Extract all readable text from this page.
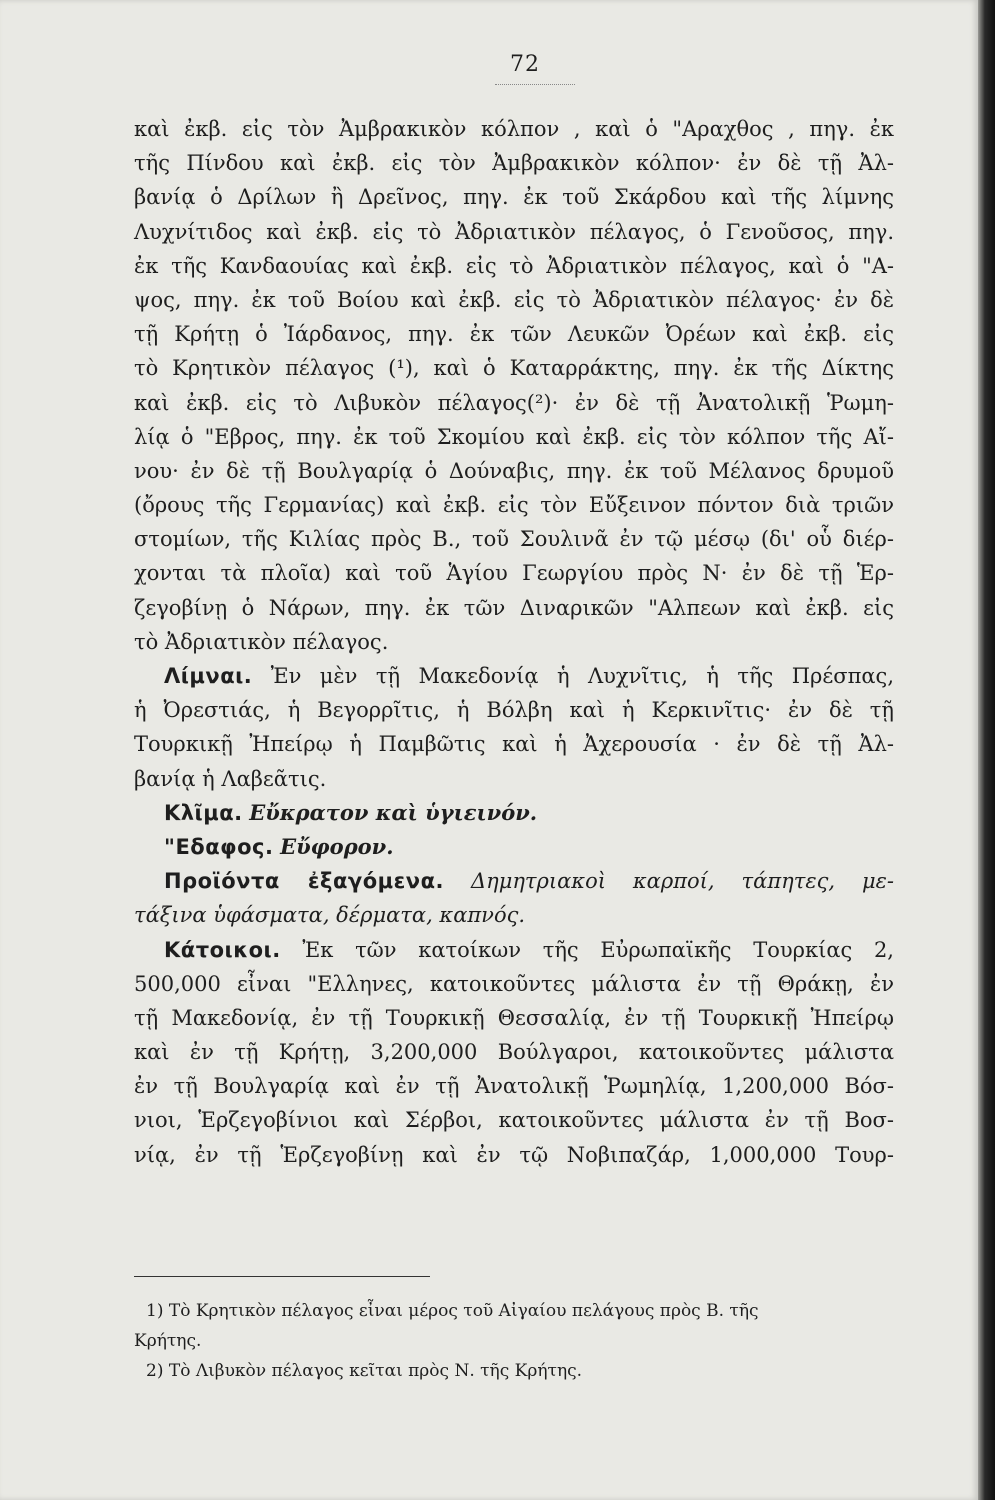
72
καὶ ἐκβ. εἰς τὸν Ἀμβρακικὸν κόλπον , καὶ ὁ "Αραχθος , πηγ. ἐκ
τῆς Πίνδου καὶ ἐκβ. εἰς τὸν Ἀμβρακικὸν κόλπον· ἐν δὲ τῇ Ἀλ-
βανίᾳ ὁ Δρίλων ἢ Δρεῖνος, πηγ. ἐκ τοῦ Σκάρδου καὶ τῆς λίμνης
Λυχνίτιδος καὶ ἐκβ. εἰς τὸ Ἀδριατικὸν πέλαγος, ὁ Γενοῦσος, πηγ.
ἐκ τῆς Κανδαουίας καὶ ἐκβ. εἰς τὸ Ἀδριατικὸν πέλαγος, καὶ ὁ "Α-
ψος, πηγ. ἐκ τοῦ Βοίου καὶ ἐκβ. εἰς τὸ Ἀδριατικὸν πέλαγος· ἐν δὲ
τῇ Κρήτῃ ὁ Ἰάρδανος, πηγ. ἐκ τῶν Λευκῶν Ὀρέων καὶ ἐκβ. εἰς
τὸ Κρητικὸν πέλαγος (¹), καὶ ὁ Καταρράκτης, πηγ. ἐκ τῆς Δίκτης
καὶ ἐκβ. εἰς τὸ Λιβυκὸν πέλαγος(²)· ἐν δὲ τῇ Ἀνατολικῇ Ῥωμη-
λίᾳ ὁ "Εβρος, πηγ. ἐκ τοῦ Σκομίου καὶ ἐκβ. εἰς τὸν κόλπον τῆς Αἴ-
νου· ἐν δὲ τῇ Βουλγαρίᾳ ὁ Δούναβις, πηγ. ἐκ τοῦ Μέλανος δρυμοῦ
(ὄρους τῆς Γερμανίας) καὶ ἐκβ. εἰς τὸν Εὔξεινον πόντον διὰ τριῶν
στομίων, τῆς Κιλίας πρὸς Β., τοῦ Σουλινᾶ ἐν τῷ μέσῳ (δι' οὗ διέρ-
χονται τὰ πλοῖα) καὶ τοῦ Ἁγίου Γεωργίου πρὸς Ν· ἐν δὲ τῇ Ἑρ-
ζεγοβίνῃ ὁ Νάρων, πηγ. ἐκ τῶν Διναρικῶν "Αλπεων καὶ ἐκβ. εἰς
τὸ Ἀδριατικὸν πέλαγος.
Λίμναι. Ἐν μὲν τῇ Μακεδονίᾳ ἡ Λυχνῖτις, ἡ τῆς Πρέσπας,
ἡ Ὀρεστιάς, ἡ Βεγορρῖτις, ἡ Βόλβη καὶ ἡ Κερκινῖτις· ἐν δὲ τῇ
Τουρκικῇ Ἠπείρῳ ἡ Παμβῶτις καὶ ἡ Ἀχερουσία · ἐν δὲ τῇ Ἀλ-
βανίᾳ ἡ Λαβεᾶτις.
Κλῖμα. Εὔκρατον καὶ ὑγιεινόν.
"Εδαφος. Εὔφορον.
Προϊόντα ἐξαγόμενα. Δημητριακοὶ καρποί, τάπητες, με-
τάξινα ὑφάσματα, δέρματα, καπνός.
Κάτοικοι. Ἐκ τῶν κατοίκων τῆς Εὐρωπαϊκῆς Τουρκίας 2,
500,000 εἶναι "Ελληνες, κατοικοῦντες μάλιστα ἐν τῇ Θράκῃ, ἐν
τῇ Μακεδονίᾳ, ἐν τῇ Τουρκικῇ Θεσσαλίᾳ, ἐν τῇ Τουρκικῇ Ἠπείρῳ
καὶ ἐν τῇ Κρήτῃ, 3,200,000 Βούλγαροι, κατοικοῦντες μάλιστα
ἐν τῇ Βουλγαρίᾳ καὶ ἐν τῇ Ἀνατολικῇ Ῥωμηλίᾳ, 1,200,000 Βόσ-
νιοι, Ἑρζεγοβίνιοι καὶ Σέρβοι, κατοικοῦντες μάλιστα ἐν τῇ Βοσ-
νίᾳ, ἐν τῇ Ἑρζεγοβίνῃ καὶ ἐν τῷ Νοβιπαζάρ, 1,000,000 Τουρ-
1) Τὸ Κρητικὸν πέλαγος εἶναι μέρος τοῦ Αἰγαίου πελάγους πρὸς Β. τῆς
Κρήτης.
2) Τὸ Λιβυκὸν πέλαγος κεῖται πρὸς Ν. τῆς Κρήτης.
